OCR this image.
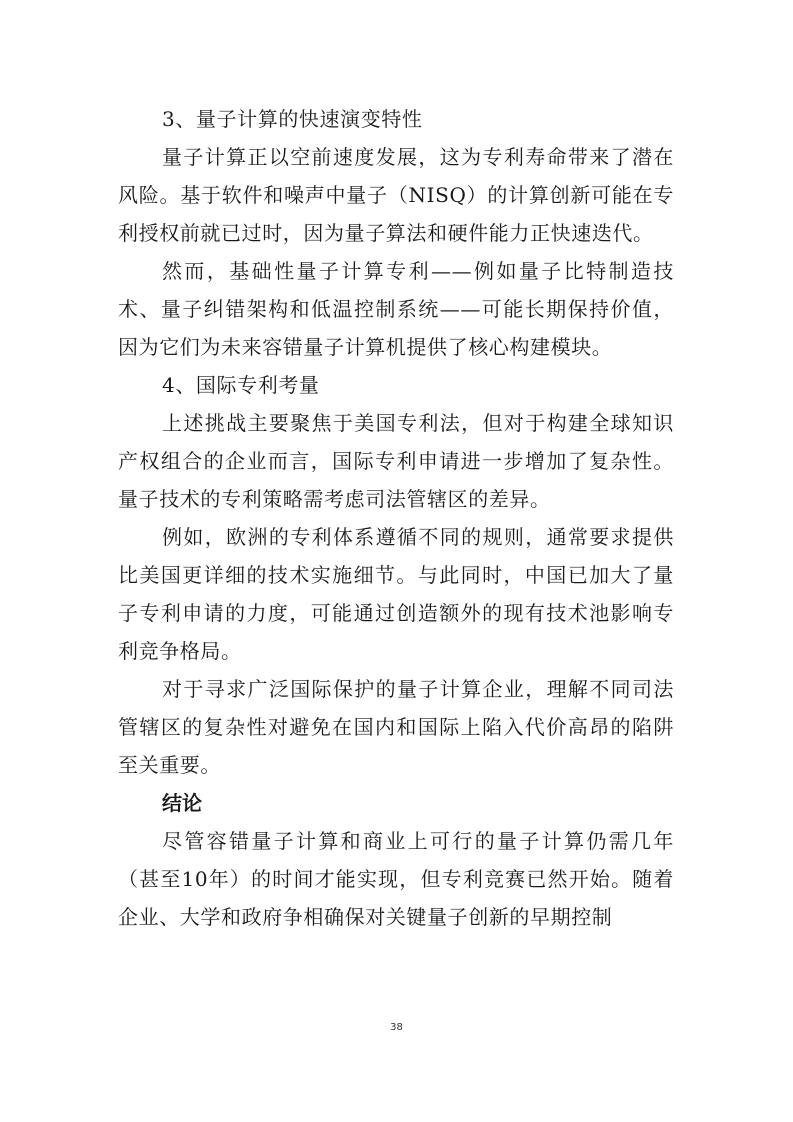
3、量子计算的快速演变特性

量子计算正以空前速度发展，这为专利寿命带来了潜在风险。基于软件和噪声中量子（NISQ）的计算创新可能在专利授权前就已过时，因为量子算法和硬件能力正快速迭代。

然而，基础性量子计算专利——例如量子比特制造技术、量子纠错架构和低温控制系统——可能长期保持价值，因为它们为未来容错量子计算机提供了核心构建模块。

4、国际专利考量

上述挑战主要聚焦于美国专利法，但对于构建全球知识产权组合的企业而言，国际专利申请进一步增加了复杂性。量子技术的专利策略需考虑司法管辖区的差异。

例如，欧洲的专利体系遵循不同的规则，通常要求提供比美国更详细的技术实施细节。与此同时，中国已加大了量子专利申请的力度，可能通过创造额外的现有技术池影响专利竞争格局。

对于寻求广泛国际保护的量子计算企业，理解不同司法管辖区的复杂性对避免在国内和国际上陷入代价高昂的陷阱至关重要。

结论

尽管容错量子计算和商业上可行的量子计算仍需几年（甚至10年）的时间才能实现，但专利竞赛已然开始。随着企业、大学和政府争相确保对关键量子创新的早期控制

38
